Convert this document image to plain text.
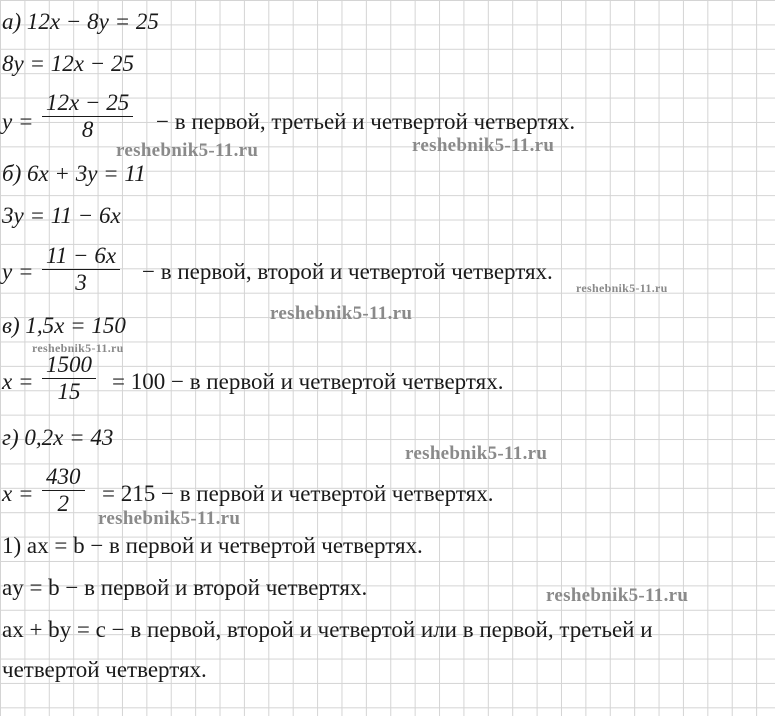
а) 12x − 8y = 25
8y = 12x − 25
$y = \frac{12x - 25}{8} - в$ первой, третьей и четвертой четвертях.
б) 6x + 3y = 11
3y = 11 − 6x
$y = \frac{11 - 6x}{3} - в$ первой, второй и четвертой четвертях.
в) 1,5x = 150
$x = \frac{1500}{15} = 100 - в$ первой и четвертой четвертях.
г) 0,2x = 43
$x = \frac{430}{2} = 215 - в$ первой и четвертой четвертях.
1) ax = b − в первой и четвертой четвертях.
ay = b − в первой и второй четвертях.
ax + by = c − в первой, второй и четвертой или в первой, третьей и
четвертой четвертях.
reshebnik5-11.ru	reshebnik5-11.ru
reshebnik5-11.ru
reshebnik5-11.ru
reshebnik5-11.ru
reshebnik5-11.ru
reshebnik5-11.ru
reshebnik5-11.ru
